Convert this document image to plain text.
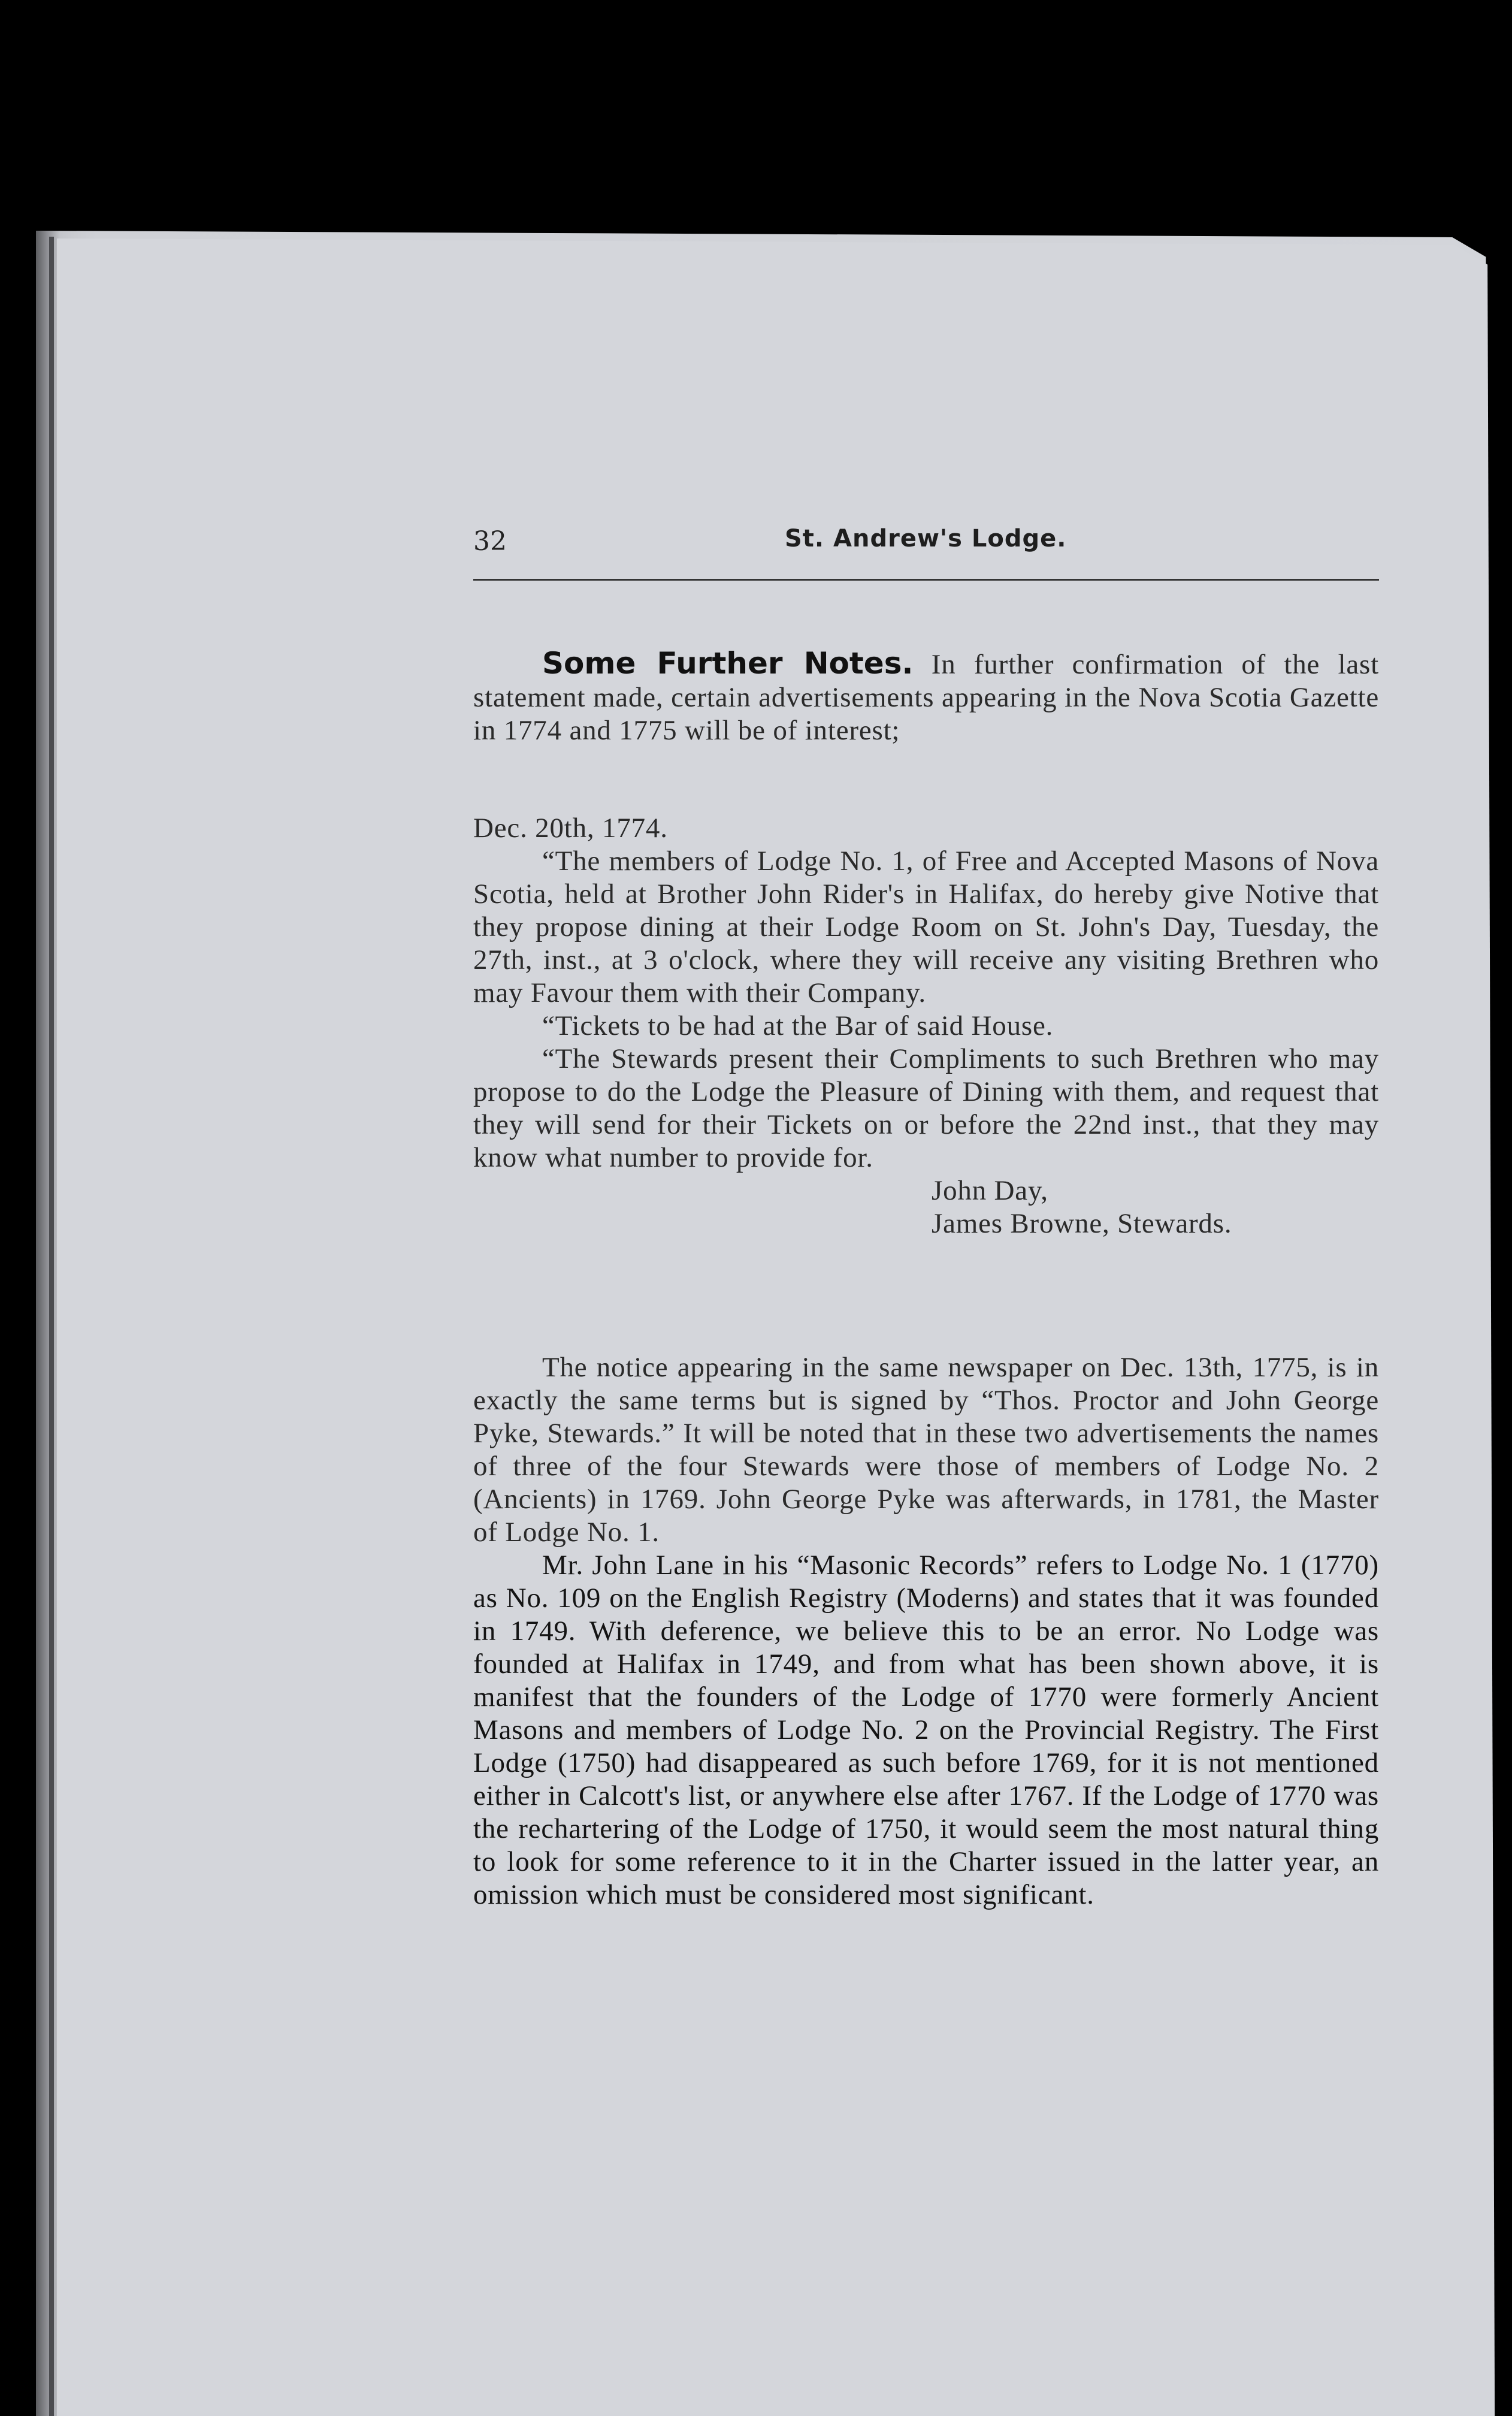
32	St. Andrew's Lodge.

Some Further Notes. In further confirmation of the last statement made, certain advertisements appearing in the Nova Scotia Gazette in 1774 and 1775 will be of interest;

Dec. 20th, 1774.

“The members of Lodge No. 1, of Free and Accepted Masons of Nova Scotia, held at Brother John Rider's in Halifax, do hereby give Notive that they propose dining at their Lodge Room on St. John's Day, Tuesday, the 27th, inst., at 3 o'clock, where they will receive any visiting Brethren who may Favour them with their Company.

“Tickets to be had at the Bar of said House.

“The Stewards present their Compliments to such Brethren who may propose to do the Lodge the Pleasure of Dining with them, and request that they will send for their Tickets on or before the 22nd inst., that they may know what number to provide for.

John Day,

James Browne, Stewards.

The notice appearing in the same newspaper on Dec. 13th, 1775, is in exactly the same terms but is signed by “Thos. Proctor and John George Pyke, Stewards.” It will be noted that in these two advertisements the names of three of the four Stewards were those of members of Lodge No. 2 (Ancients) in 1769. John George Pyke was afterwards, in 1781, the Master of Lodge No. 1.

Mr. John Lane in his “Masonic Records” refers to Lodge No. 1 (1770) as No. 109 on the English Registry (Moderns) and states that it was founded in 1749. With deference, we believe this to be an error. No Lodge was founded at Halifax in 1749, and from what has been shown above, it is manifest that the founders of the Lodge of 1770 were formerly Ancient Masons and members of Lodge No. 2 on the Provincial Registry. The First Lodge (1750) had disappeared as such before 1769, for it is not mentioned either in Calcott's list, or anywhere else after 1767. If the Lodge of 1770 was the rechartering of the Lodge of 1750, it would seem the most natural thing to look for some reference to it in the Charter issued in the latter year, an omission which must be considered most significant.
